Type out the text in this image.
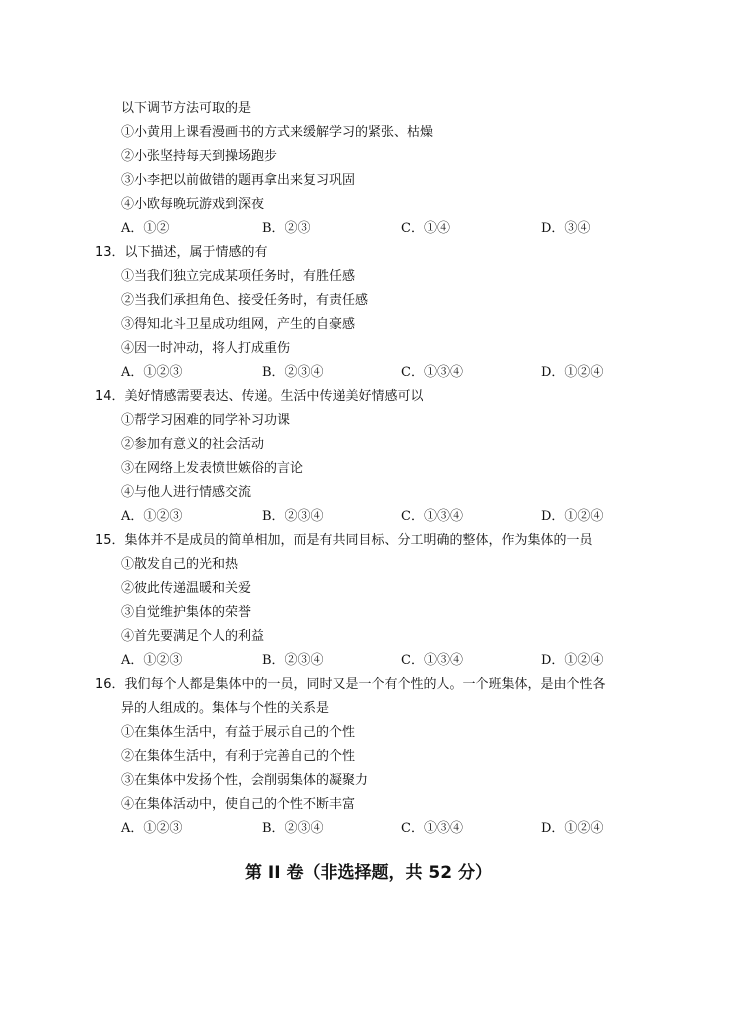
以下调节方法可取的是
①小黄用上课看漫画书的方式来缓解学习的紧张、枯燥
②小张坚持每天到操场跑步
③小李把以前做错的题再拿出来复习巩固
④小欧每晚玩游戏到深夜
A．①②	B．②③	C．①④	D．③④
13．以下描述，属于情感的有
①当我们独立完成某项任务时，有胜任感
②当我们承担角色、接受任务时，有责任感
③得知北斗卫星成功组网，产生的自豪感
④因一时冲动，将人打成重伤
A．①②③	B．②③④	C．①③④	D．①②④
14．美好情感需要表达、传递。生活中传递美好情感可以
①帮学习困难的同学补习功课
②参加有意义的社会活动
③在网络上发表愤世嫉俗的言论
④与他人进行情感交流
A．①②③	B．②③④	C．①③④	D．①②④
15．集体并不是成员的简单相加，而是有共同目标、分工明确的整体，作为集体的一员
①散发自己的光和热
②彼此传递温暖和关爱
③自觉维护集体的荣誉
④首先要满足个人的利益
A．①②③	B．②③④	C．①③④	D．①②④
16．我们每个人都是集体中的一员，同时又是一个有个性的人。一个班集体，是由个性各
异的人组成的。集体与个性的关系是
①在集体生活中，有益于展示自己的个性
②在集体生活中，有利于完善自己的个性
③在集体中发扬个性，会削弱集体的凝聚力
④在集体活动中，使自己的个性不断丰富
A．①②③	B．②③④	C．①③④	D．①②④
第 II 卷（非选择题，共 52 分）
